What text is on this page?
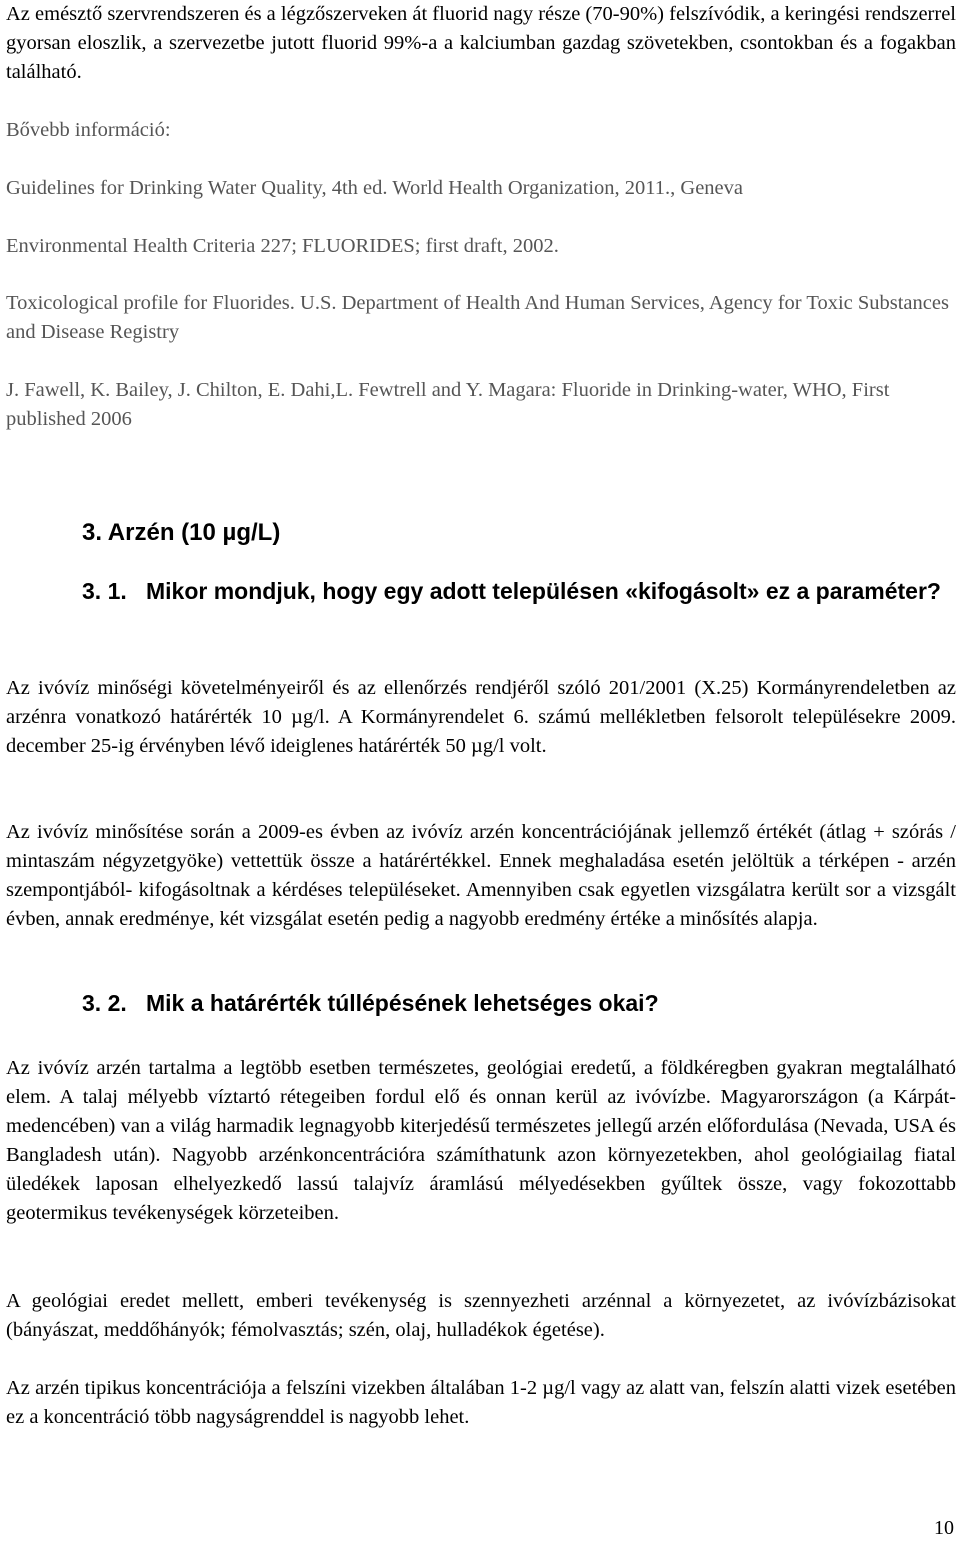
Az emésztő szervrendszeren és a légzőszerveken át fluorid nagy része (70-90%) felszívódik, a keringési rendszerrel gyorsan eloszlik, a szervezetbe jutott fluorid 99%-a a kalciumban gazdag szövetekben, csontokban és a fogakban található.

Bővebb információ:

Guidelines for Drinking Water Quality, 4th ed. World Health Organization, 2011., Geneva

Environmental Health Criteria 227; FLUORIDES; first draft, 2002.

Toxicological profile for Fluorides. U.S. Department of Health And Human Services, Agency for Toxic Substances and Disease Registry

J. Fawell, K. Bailey, J. Chilton, E. Dahi,L. Fewtrell and Y. Magara: Fluoride in Drinking-water, WHO, First published 2006

3. Arzén (10 µg/L)
3. 1. Mikor mondjuk, hogy egy adott településen «kifogásolt» ez a paraméter?

Az ivóvíz minőségi követelményeiről és az ellenőrzés rendjéről szóló 201/2001 (X.25) Kormányrendeletben az arzénra vonatkozó határérték 10 µg/l. A Kormányrendelet 6. számú mellékletben felsorolt településekre 2009. december 25-ig érvényben lévő ideiglenes határérték 50 µg/l volt.

Az ivóvíz minősítése során a 2009-es évben az ivóvíz arzén koncentrációjának jellemző értékét (átlag + szórás / mintaszám négyzetgyöke) vettettük össze a határértékkel. Ennek meghaladása esetén jelöltük a térképen - arzén szempontjából- kifogásoltnak a kérdéses településeket. Amennyiben csak egyetlen vizsgálatra került sor a vizsgált évben, annak eredménye, két vizsgálat esetén pedig a nagyobb eredmény értéke a minősítés alapja.

3. 2. Mik a határérték túllépésének lehetséges okai?

Az ivóvíz arzén tartalma a legtöbb esetben természetes, geológiai eredetű, a földkéregben gyakran megtalálható elem. A talaj mélyebb víztartó rétegeiben fordul elő és onnan kerül az ivóvízbe. Magyarországon (a Kárpát-medencében) van a világ harmadik legnagyobb kiterjedésű természetes jellegű arzén előfordulása (Nevada, USA és Bangladesh után). Nagyobb arzénkoncentrációra számíthatunk azon környezetekben, ahol geológiailag fiatal üledékek laposan elhelyezkedő lassú talajvíz áramlású mélyedésekben gyűltek össze, vagy fokozottabb geotermikus tevékenységek körzeteiben.

A geológiai eredet mellett, emberi tevékenység is szennyezheti arzénnal a környezetet, az ivóvízbázisokat (bányászat, meddőhányók; fémolvasztás; szén, olaj, hulladékok égetése).

Az arzén tipikus koncentrációja a felszíni vizekben általában 1-2 µg/l vagy az alatt van, felszín alatti vizek esetében ez a koncentráció több nagyságrenddel is nagyobb lehet.

10
